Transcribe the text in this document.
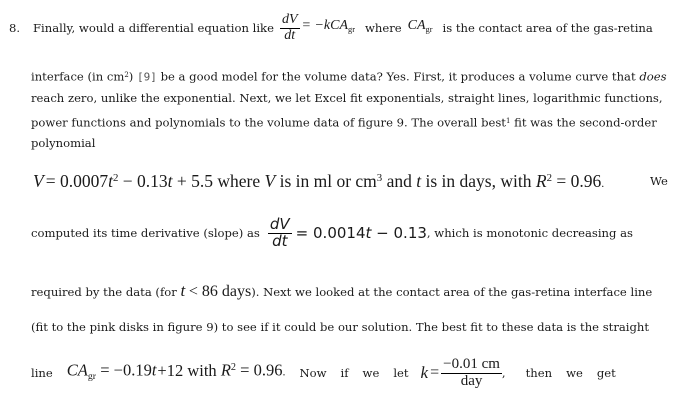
8. Finally, would a differential equation like $\frac{dV}{dt} = -kCA_{gr}$ where $CA_{gr}$ is the contact area of the gas-retina
interface (in cm$^2$) [9] be a good model for the volume data? Yes. First, it produces a volume curve that does
reach zero, unlike the exponential. Next, we let Excel fit exponentials, straight lines, logarithmic functions,
power functions and polynomials to the volume data of figure 9. The overall best$^1$ fit was the second-order
polynomial
$V = 0.0007t^2 - 0.13t + 5.5$ where V is in ml or $cm^3$ and t is in days, with $R^2 = 0.96$.	We
computed its time derivative (slope) as $\frac{dV}{dt} = 0.0014t - 0.13$ , which is monotonic decreasing as
required by the data (for t < 86 days). Next we looked at the contact area of the gas-retina interface line
(fit to the pink disks in figure 9) to see if it could be our solution. The best fit to these data is the straight
line $CA_{gr} = -0.19t+12$ with $R^2 = 0.96$. Now if we let $k = \frac{-0.01 cm}{\text{day}}$ , then we get
